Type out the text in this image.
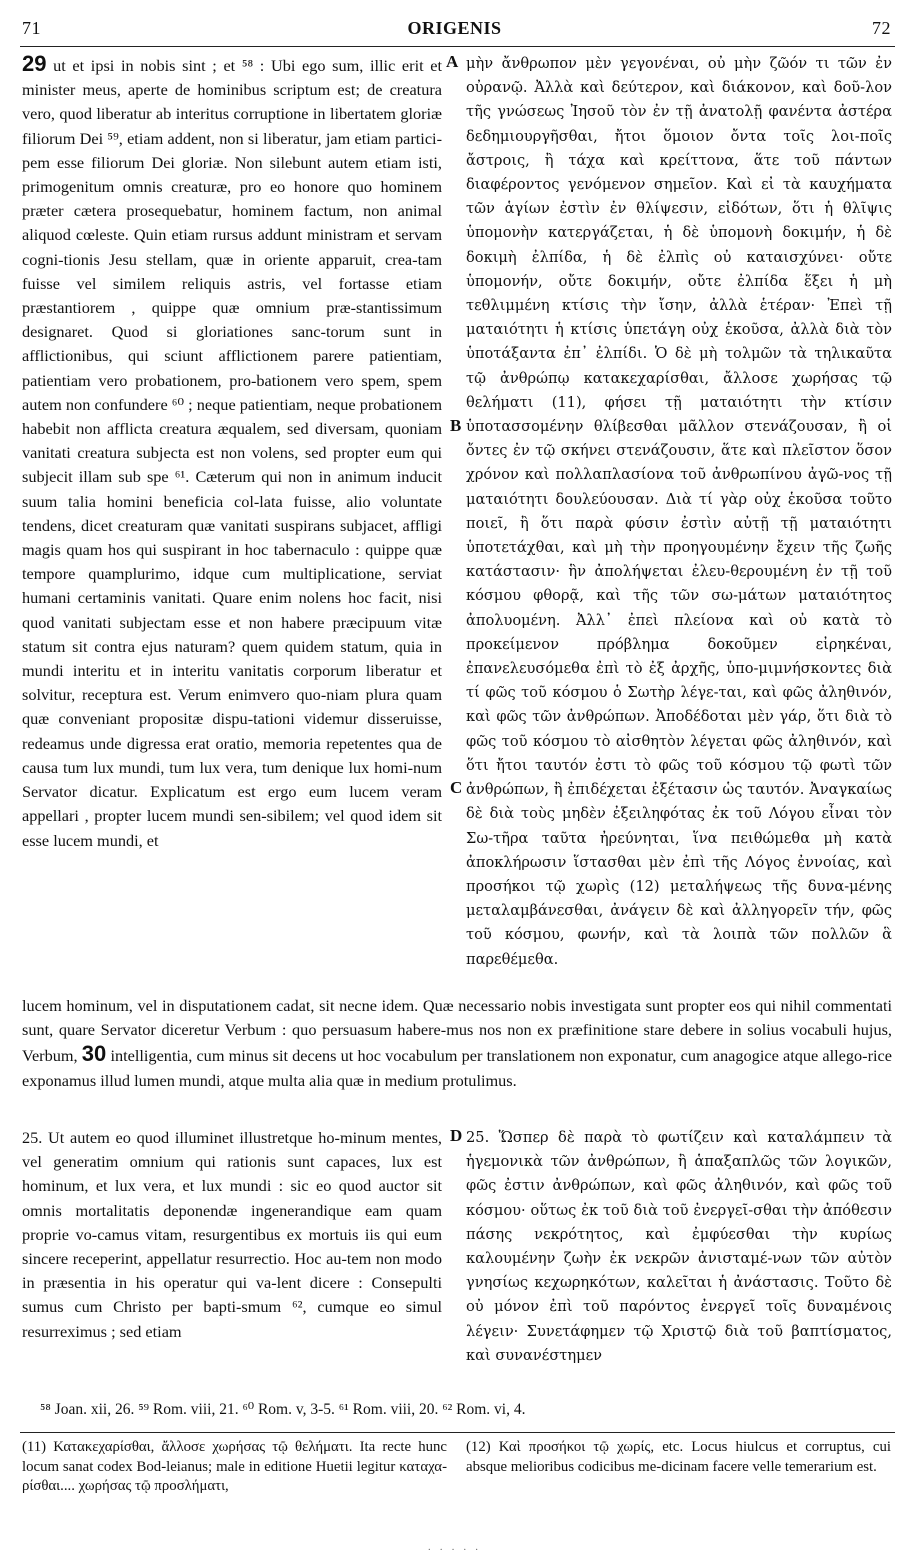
71	ORIGENIS	72
A
B
C
D

29 ut et ipsi in nobis sint ; et ⁵⁸ : Ubi ego sum, illic erit et minister meus, aperte de hominibus scriptum est; de creatura vero, quod liberatur ab interitus corruptione in libertatem gloriæ filiorum Dei ⁵⁹, etiam addent, non si liberatur, jam etiam partici-pem esse filiorum Dei gloriæ. Non silebunt autem etiam isti, primogenitum omnis creaturæ, pro eo honore quo hominem præter cætera prosequebatur, hominem factum, non animal aliquod cœleste. Quin etiam rursus addunt ministram et servam cogni-tionis Jesu stellam, quæ in oriente apparuit, crea-tam fuisse vel similem reliquis astris, vel fortasse etiam præstantiorem , quippe quæ omnium præ-stantissimum designaret. Quod si gloriationes sanc-torum sunt in afflictionibus, qui sciunt afflictionem parere patientiam, patientiam vero probationem, pro-bationem vero spem, spem autem non confundere ⁶⁰ ; neque patientiam, neque probationem habebit non afflicta creatura æqualem, sed diversam, quoniam vanitati creatura subjecta est non volens, sed propter eum qui subjecit illam sub spe ⁶¹. Cæterum qui non in animum inducit suum talia homini beneficia col-lata fuisse, alio voluntate tendens, dicet creaturam quæ vanitati suspirans subjacet, affligi magis quam hos qui suspirant in hoc tabernaculo : quippe quæ tempore quamplurimo, idque cum multiplicatione, serviat humani certaminis vanitati. Quare enim nolens hoc facit, nisi quod vanitati subjectam esse et non habere præcipuum vitæ statum sit contra ejus naturam? quem quidem statum, quia in mundi interitu et in interitu vanitatis corporum liberatur et solvitur, receptura est. Verum enimvero quo-niam plura quam quæ conveniant propositæ dispu-tationi videmur disseruisse, redeamus unde digressa erat oratio, memoria repetentes qua de causa tum lux mundi, tum lux vera, tum denique lux homi-num Servator dicatur. Explicatum est ergo eum lucem veram appellari , propter lucem mundi sen-sibilem; vel quod idem sit esse lucem mundi, et

μὴν ἄνθρωπον μὲν γεγονέναι, οὐ μὴν ζῶόν τι τῶν ἐν οὐρανῷ. Ἀλλὰ καὶ δεύτερον, καὶ διάκονον, καὶ δοῦ-λον τῆς γνώσεως Ἰησοῦ τὸν ἐν τῇ ἀνατολῇ φανέντα ἀστέρα δεδημιουργῆσθαι, ἤτοι ὅμοιον ὄντα τοῖς λοι-ποῖς ἄστροις, ἢ τάχα καὶ κρείττονα, ἅτε τοῦ πάντων διαφέροντος γενόμενον σημεῖον. Καὶ εἰ τὰ καυχήματα τῶν ἁγίων ἐστὶν ἐν θλίψεσιν, εἰδότων, ὅτι ἡ θλῖψις ὑπομονὴν κατεργάζεται, ἡ δὲ ὑπομονὴ δοκιμήν, ἡ δὲ δοκιμὴ ἐλπίδα, ἡ δὲ ἐλπὶς οὐ καταισχύνει· οὔτε ὑπομονήν, οὔτε δοκιμήν, οὔτε ἐλπίδα ἕξει ἡ μὴ τεθλιμμένη κτίσις τὴν ἴσην, ἀλλὰ ἑτέραν· Ἐπεὶ τῇ ματαιότητι ἡ κτίσις ὑπετάγη οὐχ ἑκοῦσα, ἀλλὰ διὰ τὸν ὑποτάξαντα ἐπ᾽ ἐλπίδι. Ὁ δὲ μὴ τολμῶν τὰ τηλικαῦτα τῷ ἀνθρώπῳ κατακεχαρίσθαι, ἄλλοσε χωρήσας τῷ θελήματι (11), φήσει τῇ ματαιότητι τὴν κτίσιν ὑποτασσομένην θλίβεσθαι μᾶλλον στενάζουσαν, ἢ οἱ ὄντες ἐν τῷ σκήνει στενάζουσιν, ἅτε καὶ πλεῖστον ὅσον χρόνον καὶ πολλαπλασίονα τοῦ ἀνθρωπίνου ἀγῶ-νος τῇ ματαιότητι δουλεύουσαν. Διὰ τί γὰρ οὐχ ἑκοῦσα τοῦτο ποιεῖ, ἢ ὅτι παρὰ φύσιν ἐστὶν αὐτῇ τῇ ματαιότητι ὑποτετάχθαι, καὶ μὴ τὴν προηγουμένην ἔχειν τῆς ζωῆς κατάστασιν· ἣν ἀπολήψεται ἐλευ-θερουμένη ἐν τῇ τοῦ κόσμου φθορᾷ, καὶ τῆς τῶν σω-μάτων ματαιότητος ἀπολυομένη. Ἀλλ᾽ ἐπεὶ πλείονα καὶ οὐ κατὰ τὸ προκείμενον πρόβλημα δοκοῦμεν εἰρηκέναι, ἐπανελευσόμεθα ἐπὶ τὸ ἐξ ἀρχῆς, ὑπο-μιμνήσκοντες διὰ τί φῶς τοῦ κόσμου ὁ Σωτὴρ λέγε-ται, καὶ φῶς ἀληθινόν, καὶ φῶς τῶν ἀνθρώπων. Ἀποδέδοται μὲν γάρ, ὅτι διὰ τὸ φῶς τοῦ κόσμου τὸ αἰσθητὸν λέγεται φῶς ἀληθινόν, καὶ ὅτι ἤτοι ταυτόν ἐστι τὸ φῶς τοῦ κόσμου τῷ φωτὶ τῶν ἀνθρώπων, ἢ ἐπιδέχεται ἐξέτασιν ὡς ταυτόν. Ἀναγκαίως δὲ διὰ τοὺς μηδὲν ἐξειληφότας ἐκ τοῦ Λόγου εἶναι τὸν Σω-τῆρα ταῦτα ἠρεύνηται, ἵνα πειθώμεθα μὴ κατὰ ἀποκλήρωσιν ἵστασθαι μὲν ἐπὶ τῆς Λόγος ἐννοίας, καὶ προσήκοι τῷ χωρὶς (12) μεταλήψεως τῆς δυνα-μένης μεταλαμβάνεσθαι, ἀνάγειν δὲ καὶ ἀλληγορεῖν τήν, φῶς τοῦ κόσμου, φωνήν, καὶ τὰ λοιπὰ τῶν πολλῶν ἃ παρεθέμεθα.

lucem hominum, vel in disputationem cadat, sit necne idem. Quæ necessario nobis investigata sunt propter eos qui nihil commentati sunt, quare Servator diceretur Verbum : quo persuasum habere-mus nos non ex præfinitione stare debere in solius vocabuli hujus, Verbum, 30 intelligentia, cum minus sit decens ut hoc vocabulum per translationem non exponatur, cum anagogice atque allego-rice exponamus illud lumen mundi, atque multa alia quæ in medium protulimus.

25. Ut autem eo quod illuminet illustretque ho-minum mentes, vel generatim omnium qui rationis sunt capaces, lux est hominum, et lux vera, et lux mundi : sic eo quod auctor sit omnis mortalitatis deponendæ ingenerandique eam quam proprie vo-camus vitam, resurgentibus ex mortuis iis qui eum sincere receperint, appellatur resurrectio. Hoc au-tem non modo in præsentia in his operatur qui va-lent dicere : Consepulti sumus cum Christo per bapti-smum ⁶², cumque eo simul resurreximus ; sed etiam

25. Ὥσπερ δὲ παρὰ τὸ φωτίζειν καὶ καταλάμπειν τὰ ἡγεμονικὰ τῶν ἀνθρώπων, ἢ ἁπαξαπλῶς τῶν λογικῶν, φῶς ἐστιν ἀνθρώπων, καὶ φῶς ἀληθινόν, καὶ φῶς τοῦ κόσμου· οὕτως ἐκ τοῦ διὰ τοῦ ἐνεργεῖ-σθαι τὴν ἀπόθεσιν πάσης νεκρότητος, καὶ ἐμφύεσθαι τὴν κυρίως καλουμένην ζωὴν ἐκ νεκρῶν ἀνισταμέ-νων τῶν αὐτὸν γνησίως κεχωρηκότων, καλεῖται ἡ ἀνάστασις. Τοῦτο δὲ οὐ μόνον ἐπὶ τοῦ παρόντος ἐνεργεῖ τοῖς δυναμένοις λέγειν· Συνετάφημεν τῷ Χριστῷ διὰ τοῦ βαπτίσματος, καὶ συνανέστημεν

⁵⁸ Joan. xii, 26. ⁵⁹ Rom. viii, 21. ⁶⁰ Rom. v, 3-5. ⁶¹ Rom. viii, 20. ⁶² Rom. vi, 4.
(11) Κατακεχαρίσθαι, ἄλλοσε χωρήσας τῷ θελήματι. Ita recte hunc locum sanat codex Bod-leianus; male in editione Huetii legitur καταχα-ρίσθαι.... χωρήσας τῷ προσλήματι,
(12) Καὶ προσήκοι τῷ χωρίς, etc. Locus hiulcus et corruptus, cui absque melioribus codicibus me-dicinam facere velle temerarium est.
· · · · ·
